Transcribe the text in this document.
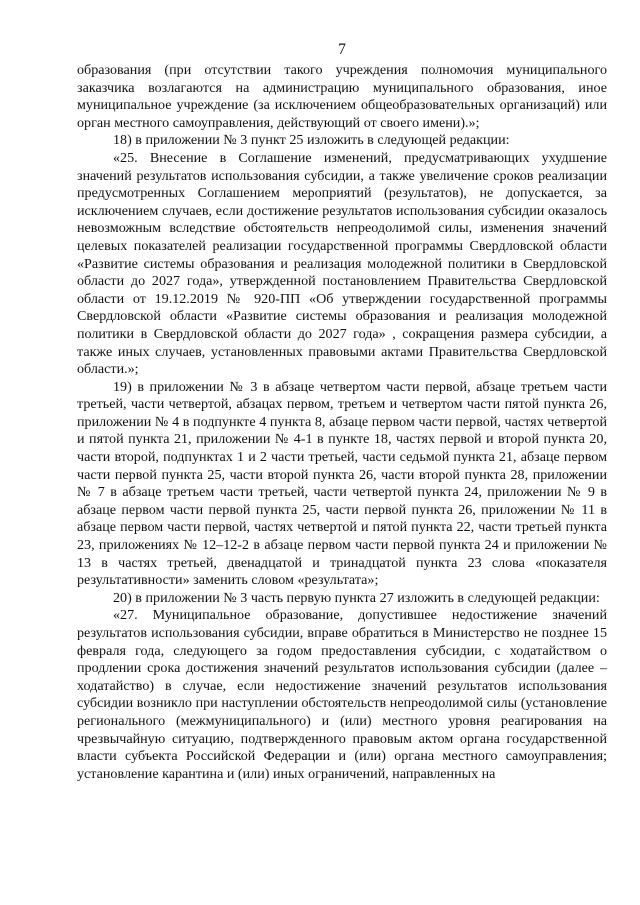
7

образования (при отсутствии такого учреждения полномочия муниципального заказчика возлагаются на администрацию муниципального образования, иное муниципальное учреждение (за исключением общеобразовательных организаций) или орган местного самоуправления, действующий от своего имени).»;

18) в приложении № 3 пункт 25 изложить в следующей редакции:

«25. Внесение в Соглашение изменений, предусматривающих ухудшение значений результатов использования субсидии, а также увеличение сроков реализации предусмотренных Соглашением мероприятий (результатов), не допускается, за исключением случаев, если достижение результатов использования субсидии оказалось невозможным вследствие обстоятельств непреодолимой силы, изменения значений целевых показателей реализации государственной программы Свердловской области «Развитие системы образования и реализация молодежной политики в Свердловской области до 2027 года», утвержденной постановлением Правительства Свердловской области от 19.12.2019 № 920-ПП «Об утверждении государственной программы Свердловской области «Развитие системы образования и реализация молодежной политики в Свердловской области до 2027 года» , сокращения размера субсидии, а также иных случаев, установленных правовыми актами Правительства Свердловской области.»;

19) в приложении № 3 в абзаце четвертом части первой, абзаце третьем части третьей, части четвертой, абзацах первом, третьем и четвертом части пятой пункта 26, приложении № 4 в подпункте 4 пункта 8, абзаце первом части первой, частях четвертой и пятой пункта 21, приложении № 4-1 в пункте 18, частях первой и второй пункта 20, части второй, подпунктах 1 и 2 части третьей, части седьмой пункта 21, абзаце первом части первой пункта 25, части второй пункта 26, части второй пункта 28, приложении № 7 в абзаце третьем части третьей, части четвертой пункта 24, приложении № 9 в абзаце первом части первой пункта 25, части первой пункта 26, приложении № 11 в абзаце первом части первой, частях четвертой и пятой пункта 22, части третьей пункта 23, приложениях № 12–12-2 в абзаце первом части первой пункта 24 и приложении № 13 в частях третьей, двенадцатой и тринадцатой пункта 23 слова «показателя результативности» заменить словом «результата»;

20) в приложении № 3 часть первую пункта 27 изложить в следующей редакции:

«27. Муниципальное образование, допустившее недостижение значений результатов использования субсидии, вправе обратиться в Министерство не позднее 15 февраля года, следующего за годом предоставления субсидии, с ходатайством о продлении срока достижения значений результатов использования субсидии (далее – ходатайство) в случае, если недостижение значений результатов использования субсидии возникло при наступлении обстоятельств непреодолимой силы (установление регионального (межмуниципального) и (или) местного уровня реагирования на чрезвычайную ситуацию, подтвержденного правовым актом органа государственной власти субъекта Российской Федерации и (или) органа местного самоуправления; установление карантина и (или) иных ограничений, направленных на
